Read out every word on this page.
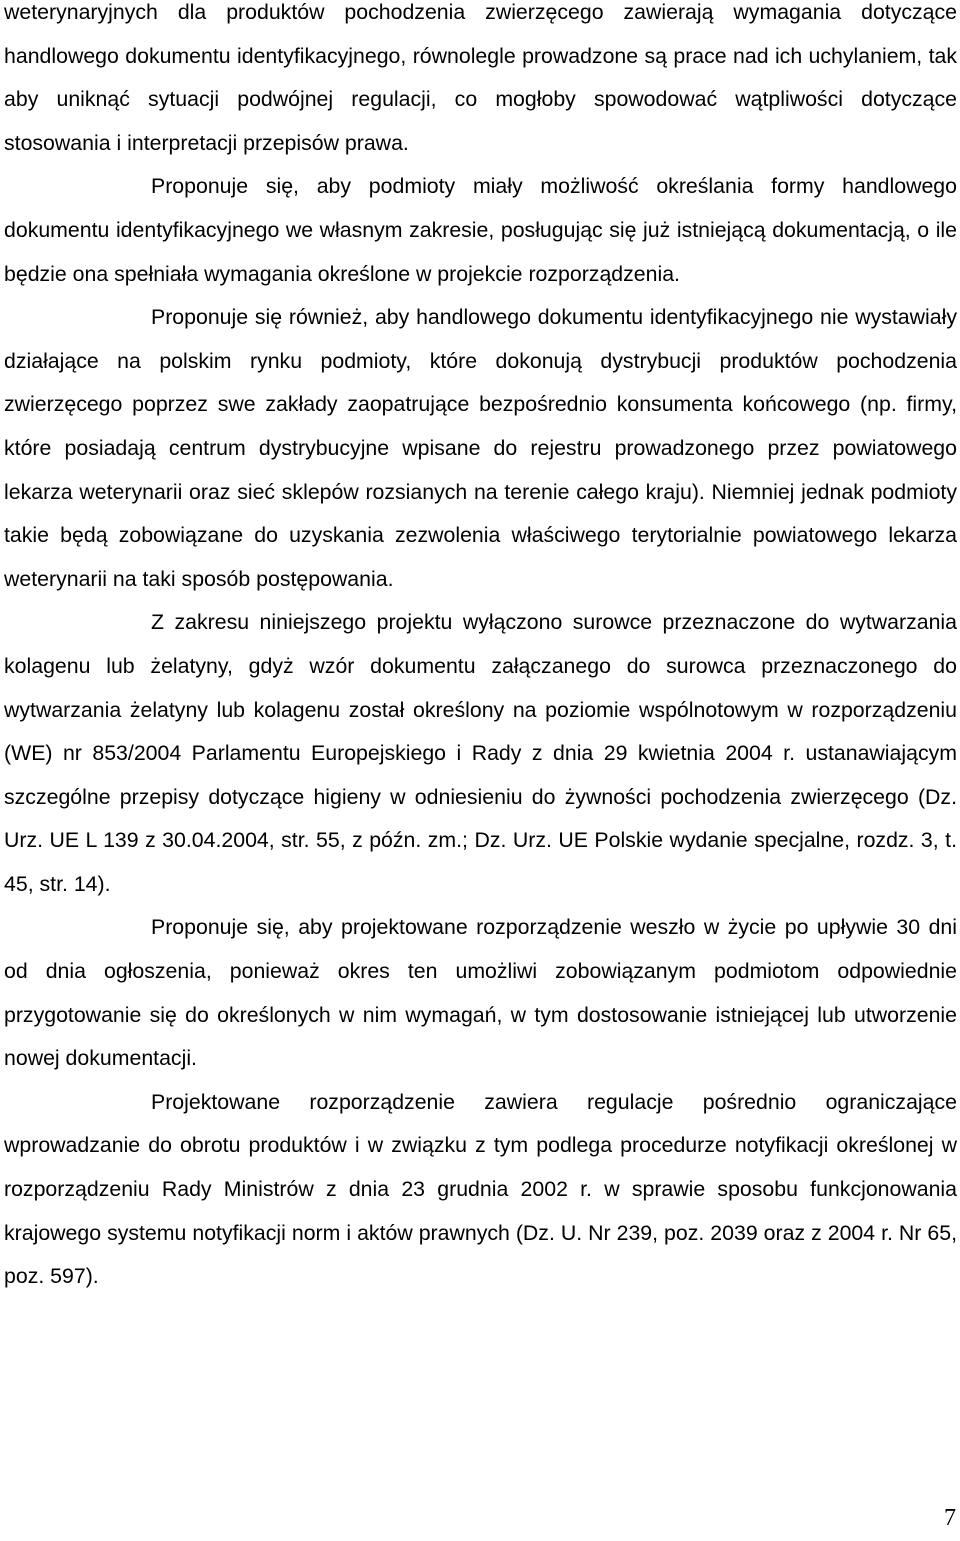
weterynaryjnych dla produktów pochodzenia zwierzęcego zawierają wymagania dotyczące handlowego dokumentu identyfikacyjnego, równolegle prowadzone są prace nad ich uchylaniem, tak aby uniknąć sytuacji podwójnej regulacji, co mogłoby spowodować wątpliwości dotyczące stosowania i interpretacji przepisów prawa.

Proponuje się, aby podmioty miały możliwość określania formy handlowego dokumentu identyfikacyjnego we własnym zakresie, posługując się już istniejącą dokumentacją, o ile będzie ona spełniała wymagania określone w projekcie rozporządzenia.

Proponuje się również, aby handlowego dokumentu identyfikacyjnego nie wystawiały działające na polskim rynku podmioty, które dokonują dystrybucji produktów pochodzenia zwierzęcego poprzez swe zakłady zaopatrujące bezpośrednio konsumenta końcowego (np. firmy, które posiadają centrum dystrybucyjne wpisane do rejestru prowadzonego przez powiatowego lekarza weterynarii oraz sieć sklepów rozsianych na terenie całego kraju). Niemniej jednak podmioty takie będą zobowiązane do uzyskania zezwolenia właściwego terytorialnie powiatowego lekarza weterynarii na taki sposób postępowania.

Z zakresu niniejszego projektu wyłączono surowce przeznaczone do wytwarzania kolagenu lub żelatyny, gdyż wzór dokumentu załączanego do surowca przeznaczonego do wytwarzania żelatyny lub kolagenu został określony na poziomie wspólnotowym w rozporządzeniu (WE) nr 853/2004 Parlamentu Europejskiego i Rady z dnia 29 kwietnia 2004 r. ustanawiającym szczególne przepisy dotyczące higieny w odniesieniu do żywności pochodzenia zwierzęcego (Dz. Urz. UE L 139 z 30.04.2004, str. 55, z późn. zm.; Dz. Urz. UE Polskie wydanie specjalne, rozdz. 3, t. 45, str. 14).

Proponuje się, aby projektowane rozporządzenie weszło w życie po upływie 30 dni od dnia ogłoszenia, ponieważ okres ten umożliwi zobowiązanym podmiotom odpowiednie przygotowanie się do określonych w nim wymagań, w tym dostosowanie istniejącej lub utworzenie nowej dokumentacji.

Projektowane rozporządzenie zawiera regulacje pośrednio ograniczające wprowadzanie do obrotu produktów i w związku z tym podlega procedurze notyfikacji określonej w rozporządzeniu Rady Ministrów z dnia 23 grudnia 2002 r. w sprawie sposobu funkcjonowania krajowego systemu notyfikacji norm i aktów prawnych (Dz. U. Nr 239, poz. 2039 oraz z 2004 r. Nr 65, poz. 597).

7
